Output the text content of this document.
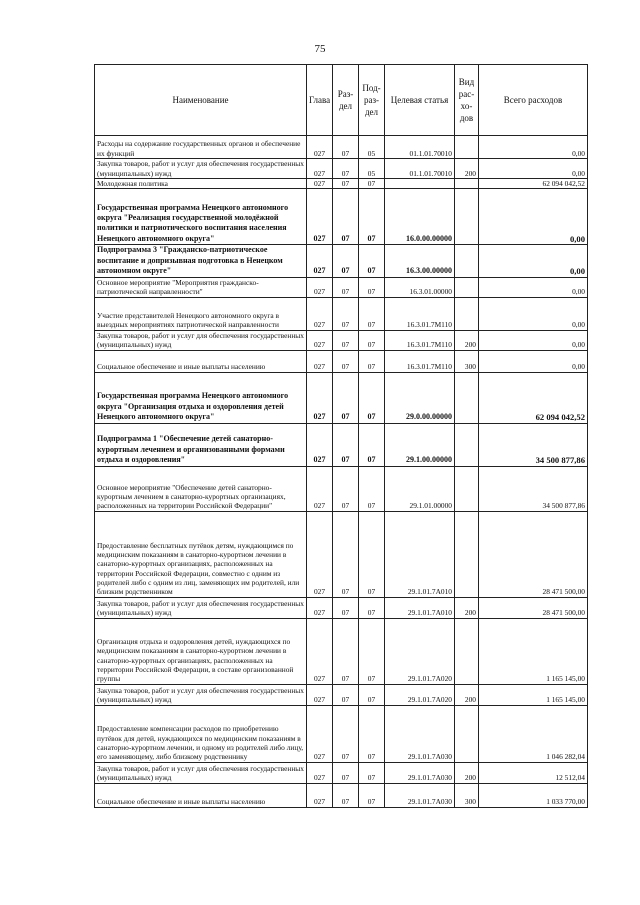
75
Наименование	Глава	Раз-дел	Под-раз-дел	Целевая статья	Вид рас-хо-дов	Всего расходов
Расходы на содержание государственных органов и обеспечение их функций	027	07	05	01.1.01.70010		0,00
Закупка товаров, работ и услуг для обеспечения государственных (муниципальных) нужд	027	07	05	01.1.01.70010	200	0,00
Молодежная политика	027	07	07			62 094 042,52
Государственная программа Ненецкого автономного округа "Реализация государственной молодёжной политики и патриотического воспитания населения Ненецкого автономного округа"	027	07	07	16.0.00.00000		0,00
Подпрограмма 3 "Гражданско-патриотическое воспитание и допризывная подготовка в Ненецком автономном округе"	027	07	07	16.3.00.00000		0,00
Основное мероприятие "Мероприятия гражданско-патриотической направленности"	027	07	07	16.3.01.00000		0,00
Участие представителей Ненецкого автономного округа в выездных мероприятиях патриотической направленности	027	07	07	16.3.01.7М110		0,00
Закупка товаров, работ и услуг для обеспечения государственных (муниципальных) нужд	027	07	07	16.3.01.7М110	200	0,00
Социальное обеспечение и иные выплаты населению	027	07	07	16.3.01.7М110	300	0,00
Государственная программа Ненецкого автономного округа "Организация отдыха и оздоровления детей Ненецкого автономного округа"	027	07	07	29.0.00.00000		62 094 042,52
Подпрограмма 1 "Обеспечение детей санаторно-курортным лечением и организованными формами отдыха и оздоровления"	027	07	07	29.1.00.00000		34 500 877,86
Основное мероприятие "Обеспечение детей санаторно-курортным лечением в санаторно-курортных организациях, расположенных на территории Российской Федерации"	027	07	07	29.1.01.00000		34 500 877,86
Предоставление бесплатных путёвок детям, нуждающимся по медицинским показаниям в санаторно-курортном лечении в санаторно-курортных организациях, расположенных на территории Российской Федерации, совместно с одним из родителей либо с одним из лиц, заменяющих им родителей, или близким родственником	027	07	07	29.1.01.7А010		28 471 500,00
Закупка товаров, работ и услуг для обеспечения государственных (муниципальных) нужд	027	07	07	29.1.01.7А010	200	28 471 500,00
Организация отдыха и оздоровления детей, нуждающихся по медицинским показаниям в санаторно-курортном лечении в санаторно-курортных организациях, расположенных на территории Российской Федерации, в составе организованной группы	027	07	07	29.1.01.7А020		1 165 145,00
Закупка товаров, работ и услуг для обеспечения государственных (муниципальных) нужд	027	07	07	29.1.01.7А020	200	1 165 145,00
Предоставление компенсации расходов по приобретению путёвок для детей, нуждающихся по медицинским показаниям в санаторно-курортном лечении, и одному из родителей либо лицу, его заменяющему, либо близкому родственнику	027	07	07	29.1.01.7А030		1 046 282,04
Закупка товаров, работ и услуг для обеспечения государственных (муниципальных) нужд	027	07	07	29.1.01.7А030	200	12 512,04
Социальное обеспечение и иные выплаты населению	027	07	07	29.1.01.7А030	300	1 033 770,00
